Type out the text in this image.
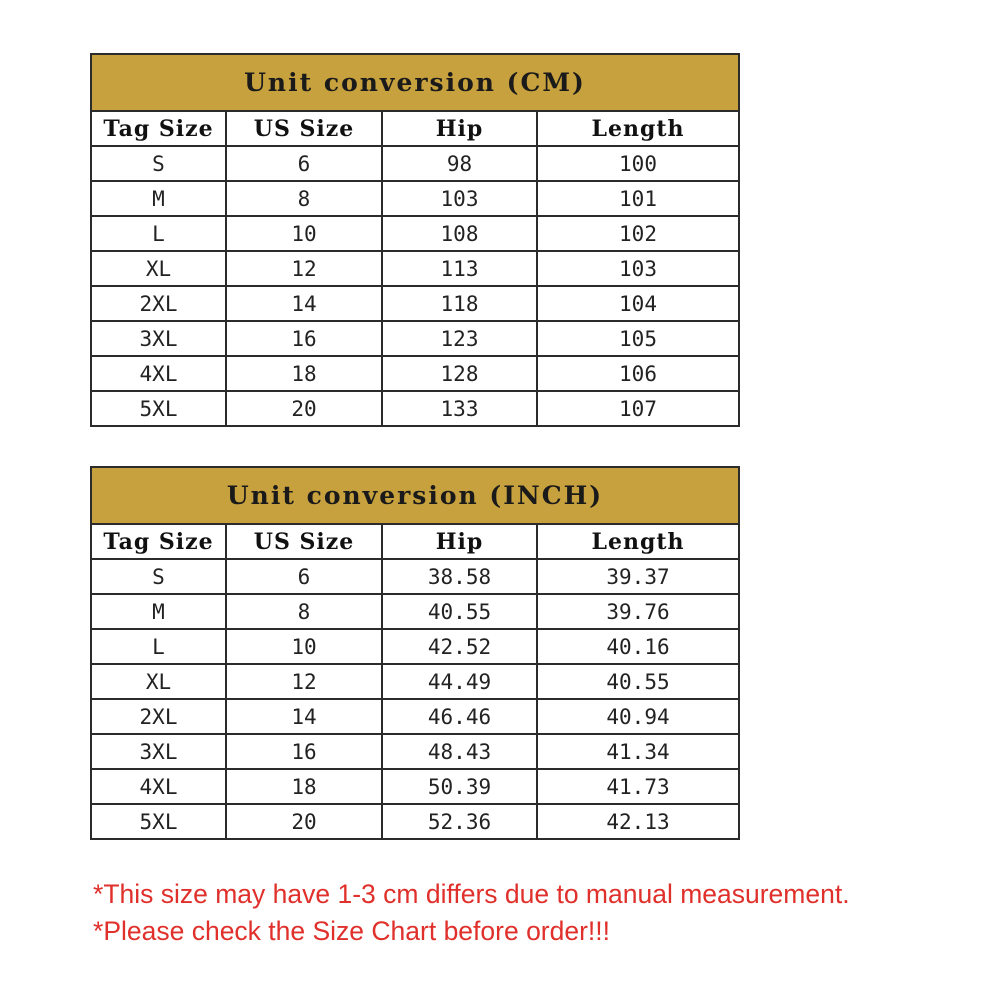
Unit conversion (CM)			
Tag Size	US Size	Hip	Length
S	6	98	100
M	8	103	101
L	10	108	102
XL	12	113	103
2XL	14	118	104
3XL	16	123	105
4XL	18	128	106
5XL	20	133	107
Unit conversion (INCH)			
Tag Size	US Size	Hip	Length
S	6	38.58	39.37
M	8	40.55	39.76
L	10	42.52	40.16
XL	12	44.49	40.55
2XL	14	46.46	40.94
3XL	16	48.43	41.34
4XL	18	50.39	41.73
5XL	20	52.36	42.13
*This size may have 1-3 cm differs due to manual measurement.
*Please check the Size Chart before order!!!
